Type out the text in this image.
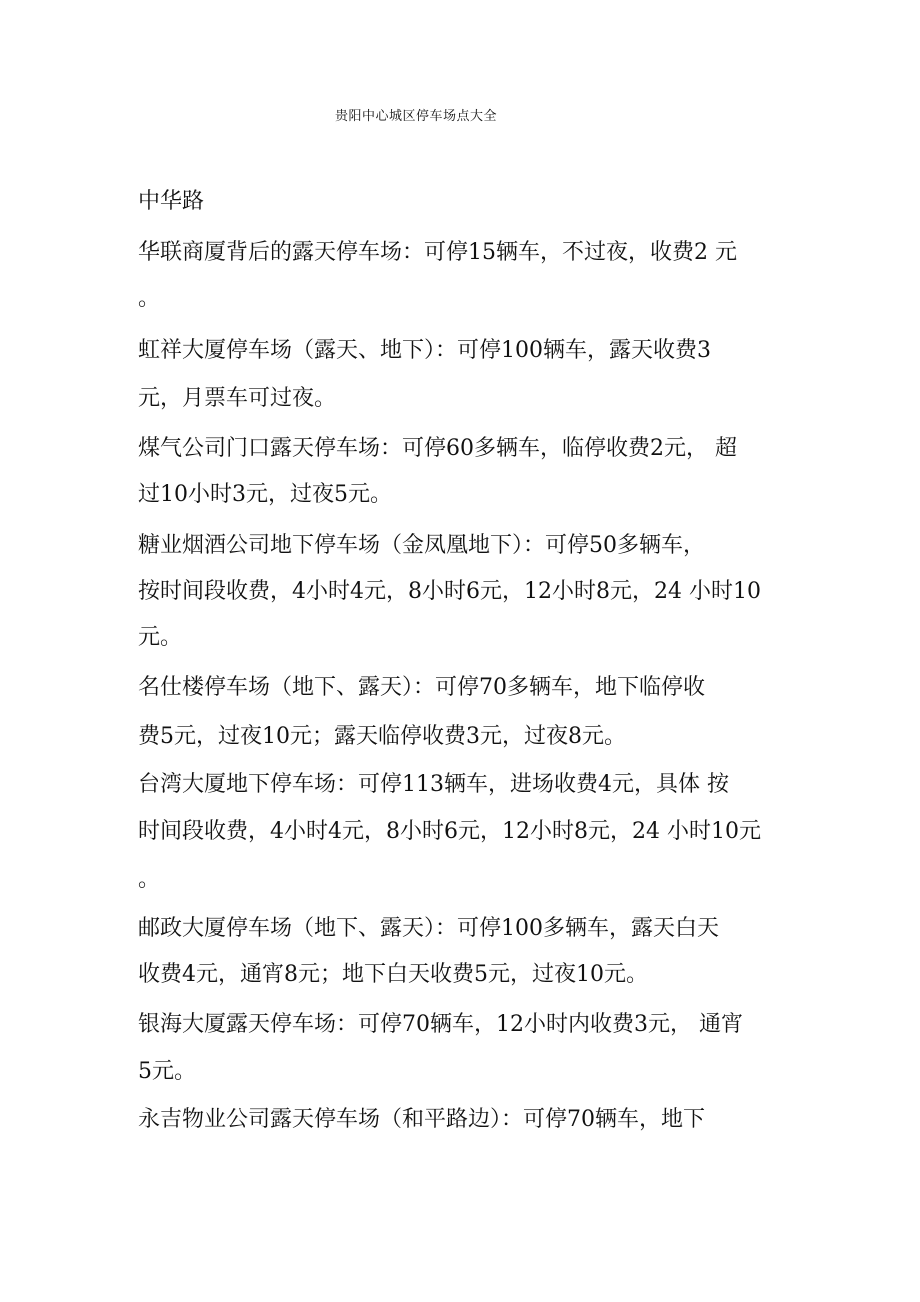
贵阳中心城区停车场点大全
中华路
华联商厦背后的露天停车场：可停15辆车，不过夜，收费2 元
。
虹祥大厦停车场（露天、地下）：可停100辆车，露天收费3
元，月票车可过夜。
煤气公司门口露天停车场：可停60多辆车，临停收费2元， 超
过10小时3元，过夜5元。
糖业烟酒公司地下停车场（金凤凰地下）：可停50多辆车，
按时间段收费，4小时4元，8小时6元，12小时8元，24 小时10
元。
名仕楼停车场（地下、露天）：可停70多辆车，地下临停收
费5元，过夜10元；露天临停收费3元，过夜8元。
台湾大厦地下停车场：可停113辆车，进场收费4元，具体 按
时间段收费，4小时4元，8小时6元，12小时8元，24 小时10元
。
邮政大厦停车场（地下、露天）：可停100多辆车，露天白天
收费4元，通宵8元；地下白天收费5元，过夜10元。
银海大厦露天停车场：可停70辆车，12小时内收费3元， 通宵
5元。
永吉物业公司露天停车场（和平路边）：可停70辆车，地下
